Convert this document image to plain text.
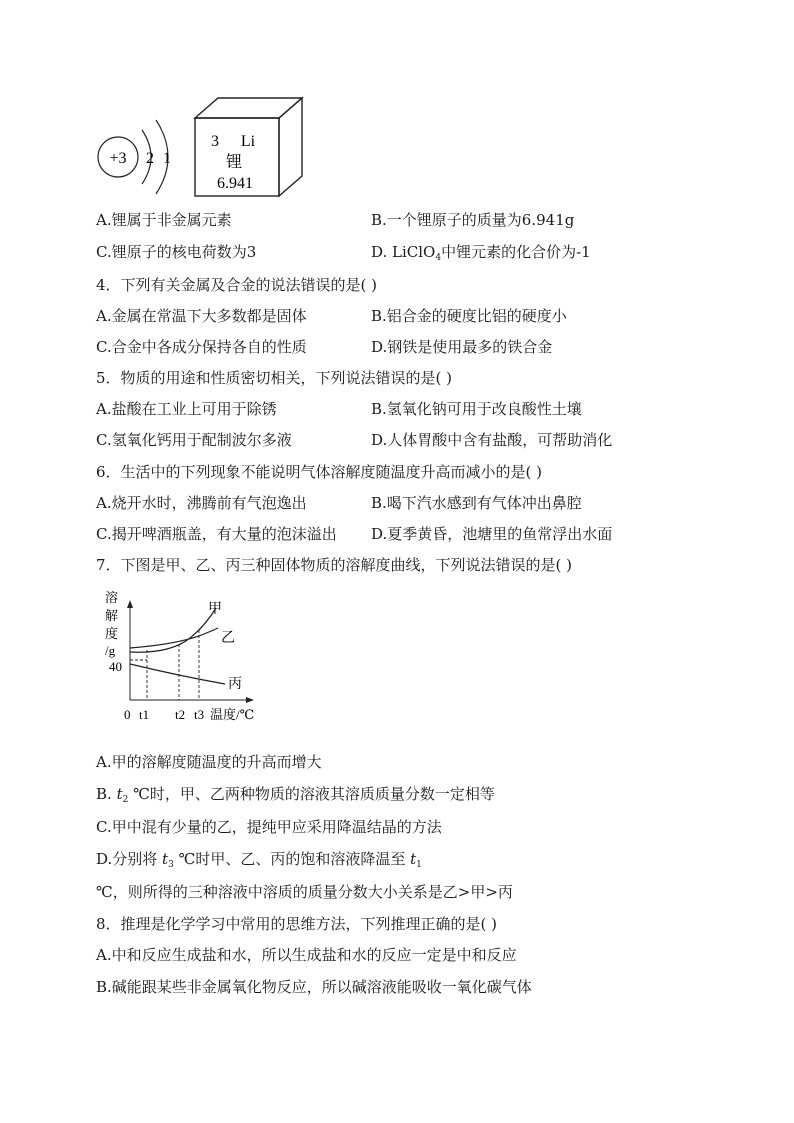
+3 2 1
3 Li
锂
6.941
A.锂属于非金属元素	B.一个锂原子的质量为6.941g
C.锂原子的核电荷数为3	D. LiClO$_4$中锂元素的化合价为-1
4．下列有关金属及合金的说法错误的是( )
A.金属在常温下大多数都是固体	B.铝合金的硬度比铝的硬度小
C.合金中各成分保持各自的性质	D.钢铁是使用最多的铁合金
5．物质的用途和性质密切相关，下列说法错误的是( )
A.盐酸在工业上可用于除锈	B.氢氧化钠可用于改良酸性土壤
C.氢氧化钙用于配制波尔多液	D.人体胃酸中含有盐酸，可帮助消化
6．生活中的下列现象不能说明气体溶解度随温度升高而减小的是( )
A.烧开水时，沸腾前有气泡逸出	B.喝下汽水感到有气体冲出鼻腔
C.揭开啤酒瓶盖，有大量的泡沫溢出 D.夏季黄昏，池塘里的鱼常浮出水面
7．下图是甲、乙、丙三种固体物质的溶解度曲线，下列说法错误的是( )
溶
解
度
/g
40
甲
乙
丙
0 t1 t2 t3 温度/℃
A.甲的溶解度随温度的升高而增大
B. $t_2$ ℃时，甲、乙两种物质的溶液其溶质质量分数一定相等
C.甲中混有少量的乙，提纯甲应采用降温结晶的方法
D.分别将 $t_3$ ℃时甲、乙、丙的饱和溶液降温至 $t_1$
℃，则所得的三种溶液中溶质的质量分数大小关系是乙>甲>丙
8．推理是化学学习中常用的思维方法，下列推理正确的是( )
A.中和反应生成盐和水，所以生成盐和水的反应一定是中和反应
B.碱能跟某些非金属氧化物反应，所以碱溶液能吸收一氧化碳气体
